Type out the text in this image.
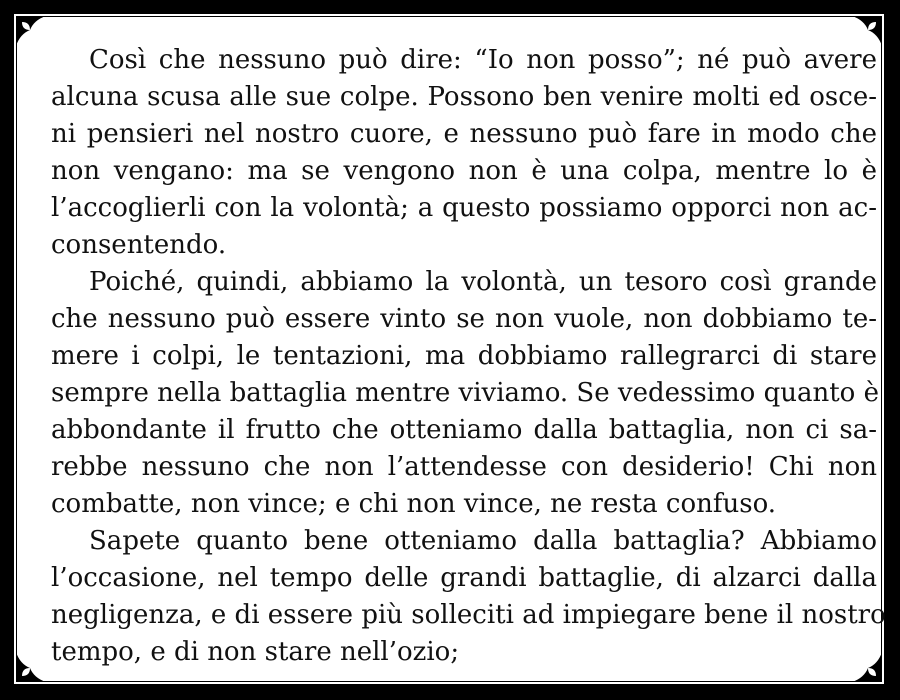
Così che nessuno può dire: “Io non posso”; né può avere
alcuna scusa alle sue colpe. Possono ben venire molti ed osce-
ni pensieri nel nostro cuore, e nessuno può fare in modo che
non vengano: ma se vengono non è una colpa, mentre lo è
l’accoglierli con la volontà; a questo possiamo opporci non ac-
consentendo.

Poiché, quindi, abbiamo la volontà, un tesoro così grande
che nessuno può essere vinto se non vuole, non dobbiamo te-
mere i colpi, le tentazioni, ma dobbiamo rallegrarci di stare
sempre nella battaglia mentre viviamo. Se vedessimo quanto è
abbondante il frutto che otteniamo dalla battaglia, non ci sa-
rebbe nessuno che non l’attendesse con desiderio! Chi non
combatte, non vince; e chi non vince, ne resta confuso.

Sapete quanto bene otteniamo dalla battaglia? Abbiamo
l’occasione, nel tempo delle grandi battaglie, di alzarci dalla
negligenza, e di essere più solleciti ad impiegare bene il nostro
tempo, e di non stare nell’ozio;
